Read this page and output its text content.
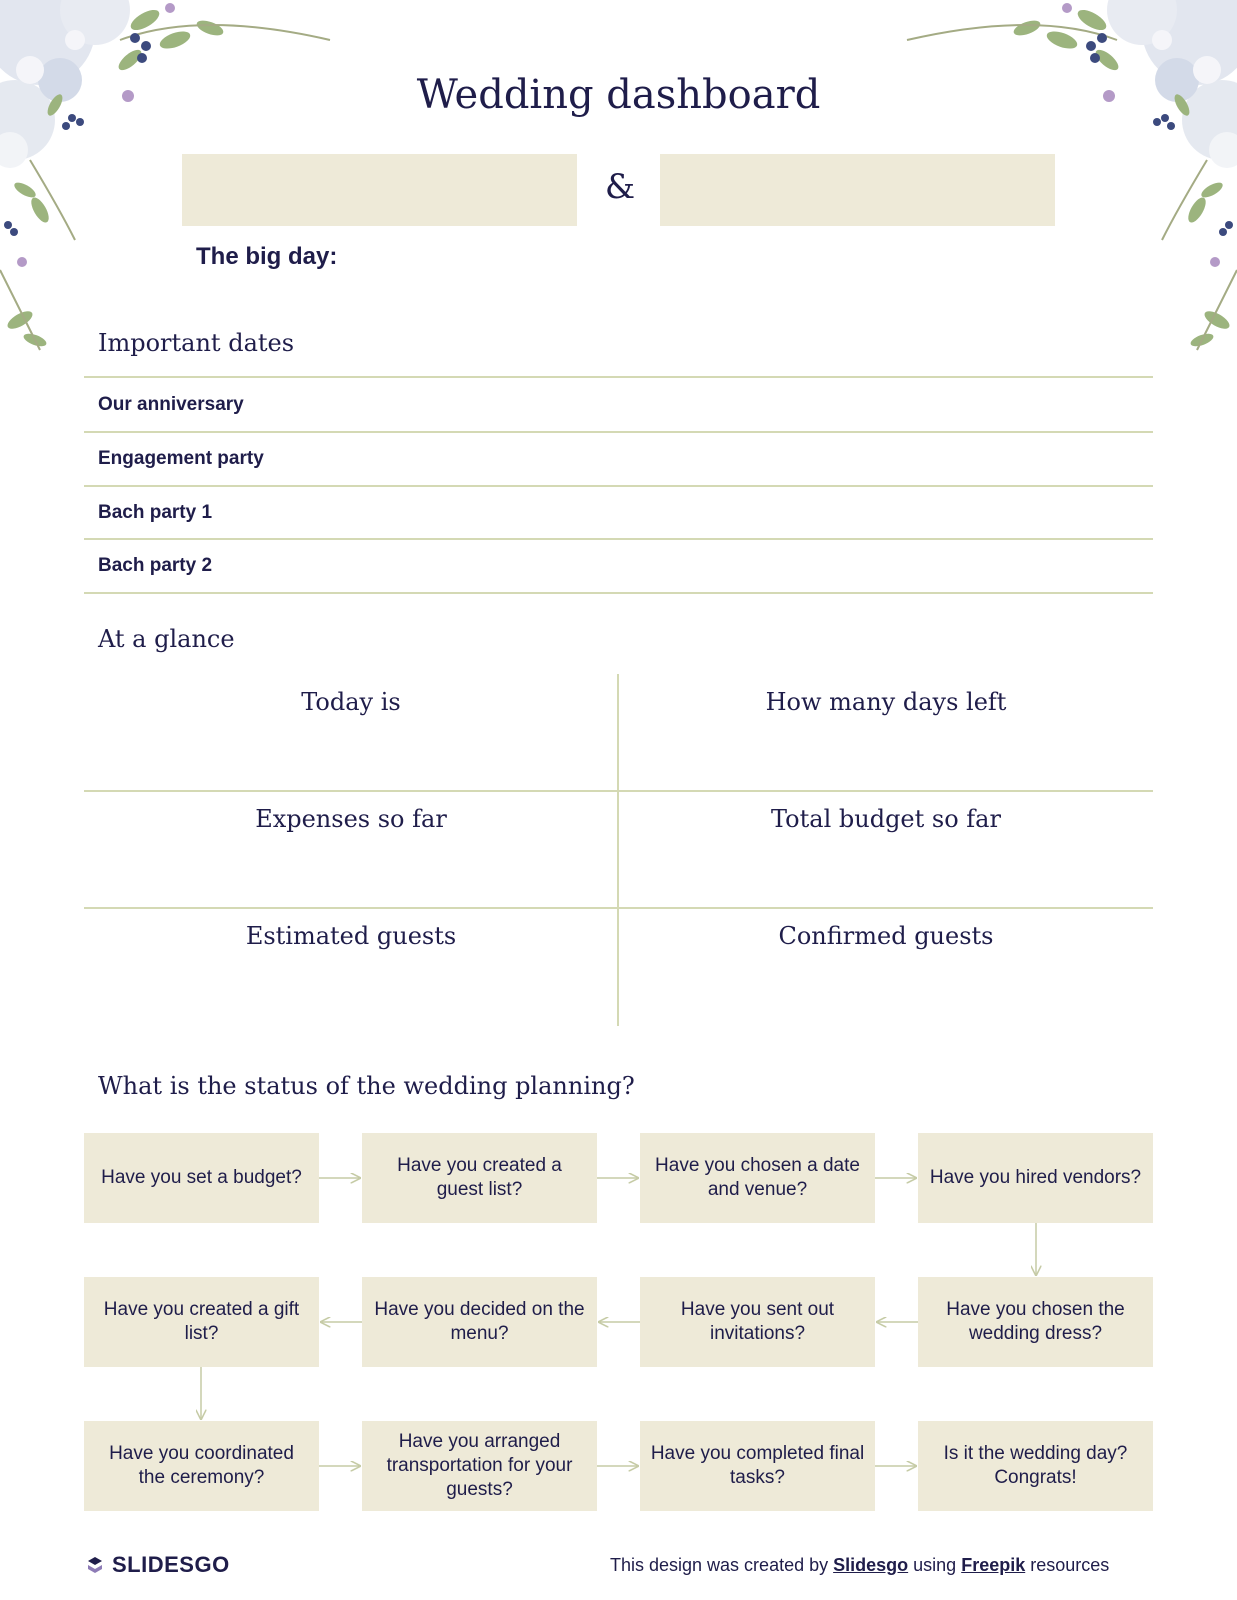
Wedding dashboard
&
The big day:
Important dates
Our anniversary
Engagement party
Bach party 1
Bach party 2
At a glance
Today is	How many days left
Expenses so far	Total budget so far
Estimated guests	Confirmed guests
What is the status of the wedding planning?
Have you set a budget?
Have you created a guest list?
Have you chosen a date and venue?
Have you hired vendors?
Have you chosen the wedding dress?
Have you sent out invitations?
Have you decided on the menu?
Have you created a gift list?
Have you coordinated the ceremony?
Have you arranged transportation for your guests?
Have you completed final tasks?
Is it the wedding day? Congrats!
SLIDESGO	This design was created by Slidesgo using Freepik resources
